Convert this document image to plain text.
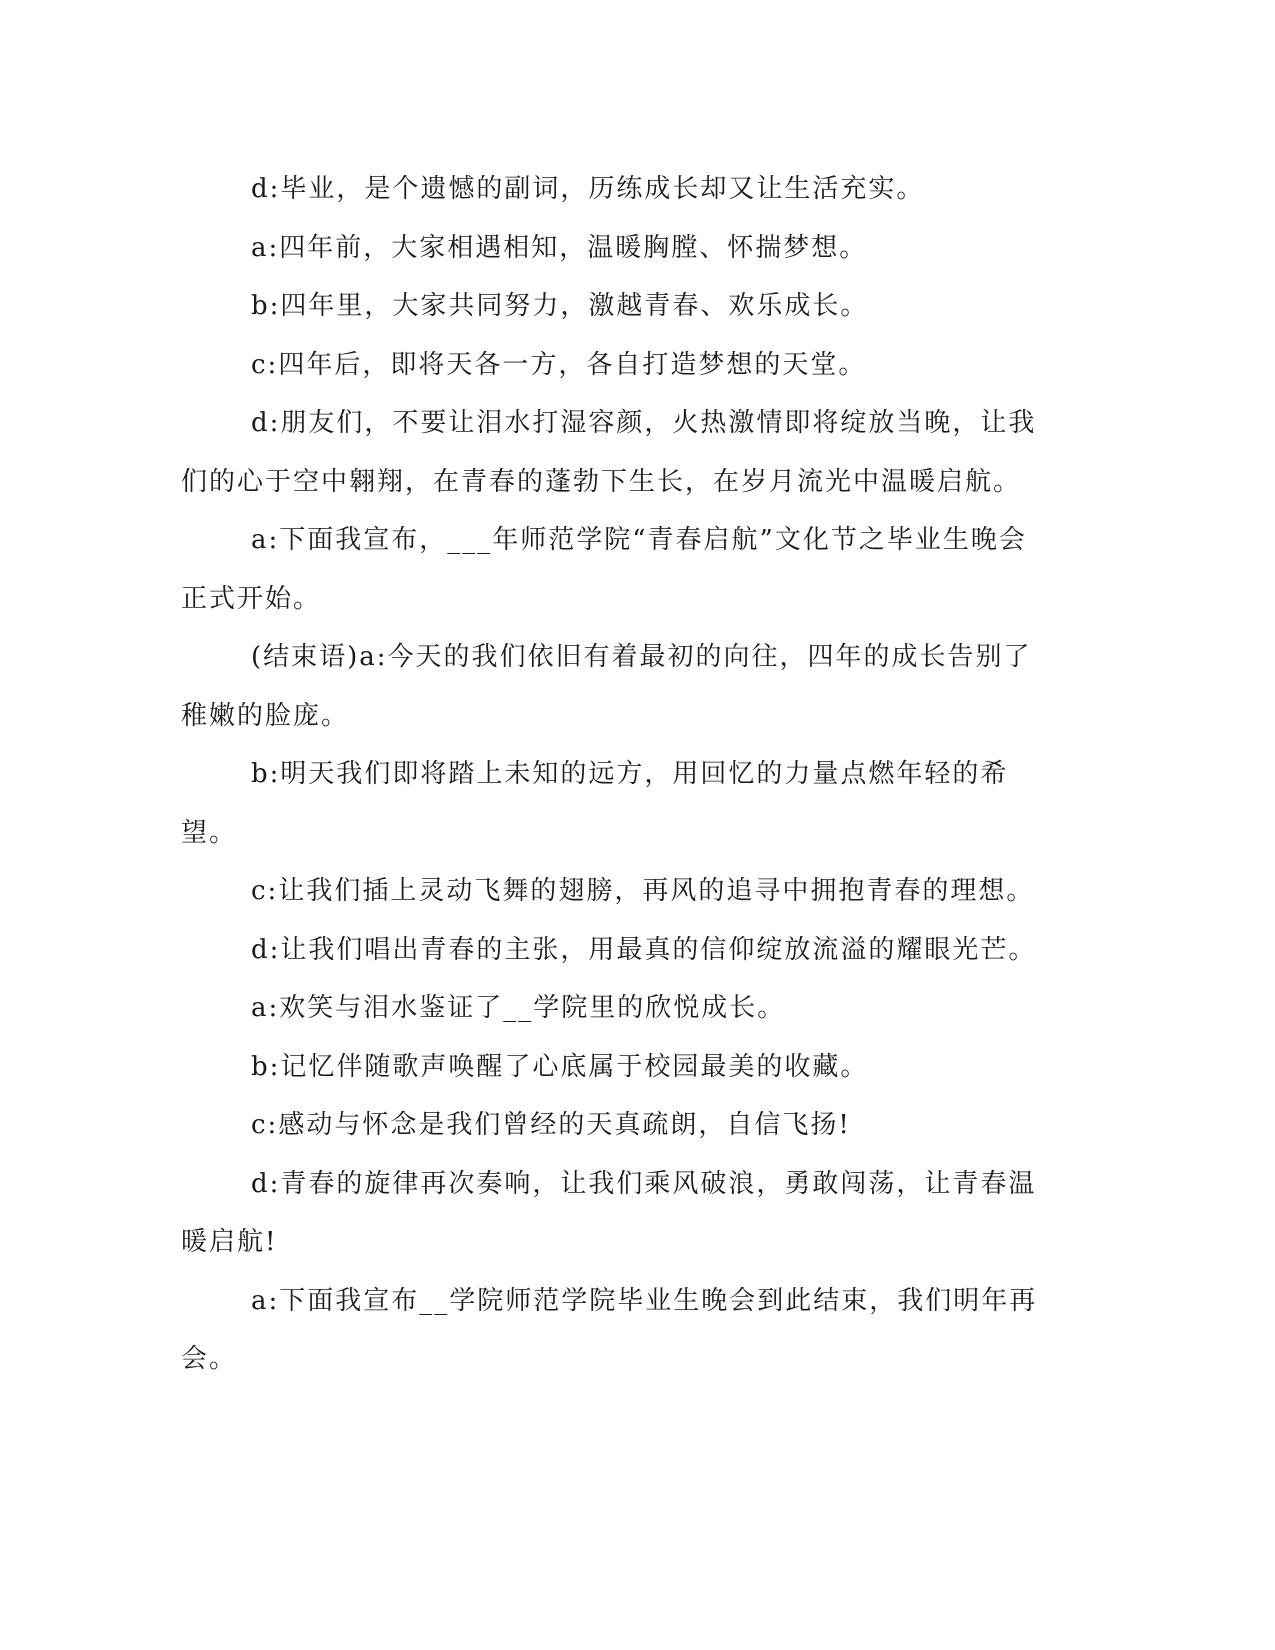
d:毕业，是个遗憾的副词，历练成长却又让生活充实。

a:四年前，大家相遇相知，温暖胸膛、怀揣梦想。

b:四年里，大家共同努力，激越青春、欢乐成长。

c:四年后，即将天各一方，各自打造梦想的天堂。

d:朋友们，不要让泪水打湿容颜，火热激情即将绽放当晚，让我们的心于空中翱翔，在青春的蓬勃下生长，在岁月流光中温暖启航。

a:下面我宣布，___年师范学院“青春启航”文化节之毕业生晚会正式开始。

(结束语)a:今天的我们依旧有着最初的向往，四年的成长告别了稚嫩的脸庞。

b:明天我们即将踏上未知的远方，用回忆的力量点燃年轻的希望。

c:让我们插上灵动飞舞的翅膀，再风的追寻中拥抱青春的理想。

d:让我们唱出青春的主张，用最真的信仰绽放流溢的耀眼光芒。

a:欢笑与泪水鉴证了__学院里的欣悦成长。

b:记忆伴随歌声唤醒了心底属于校园最美的收藏。

c:感动与怀念是我们曾经的天真疏朗，自信飞扬!

d:青春的旋律再次奏响，让我们乘风破浪，勇敢闯荡，让青春温暖启航!

a:下面我宣布__学院师范学院毕业生晚会到此结束，我们明年再会。
